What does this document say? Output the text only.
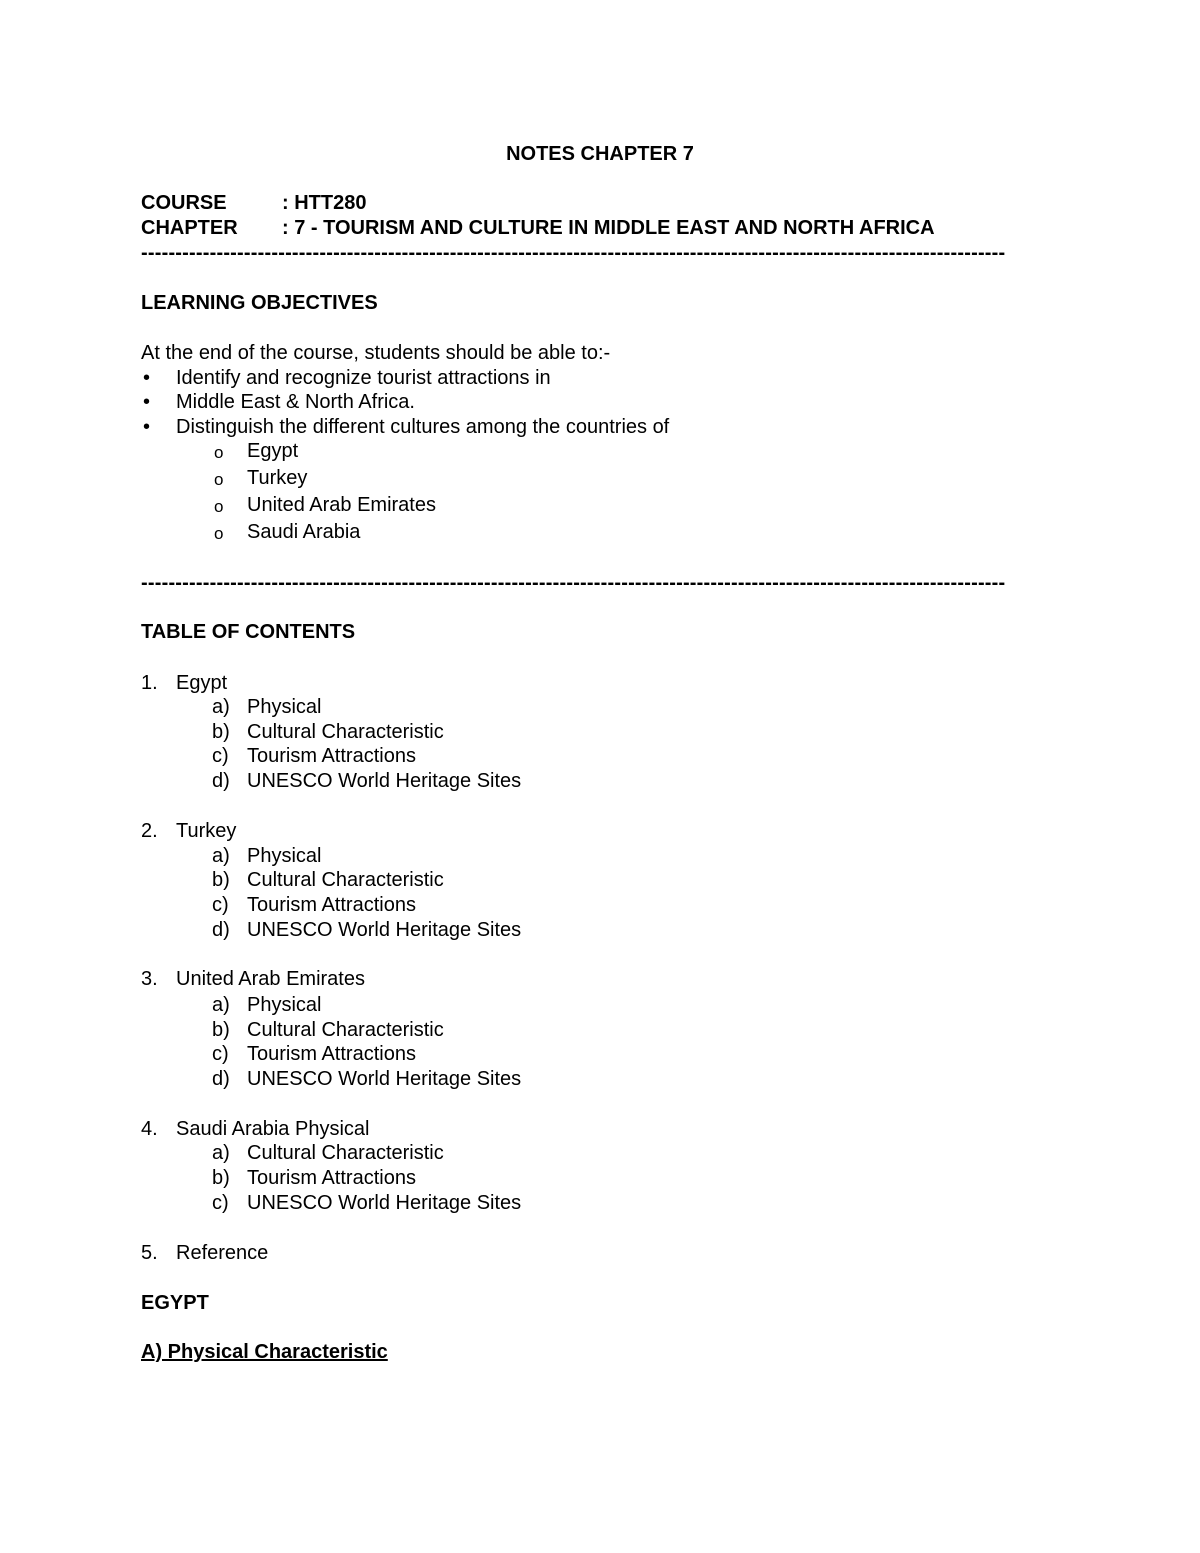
NOTES CHAPTER 7
COURSE	: HTT280
CHAPTER : 7 - TOURISM AND CULTURE IN MIDDLE EAST AND NORTH AFRICA
------------------------------------------------------------------------------------------------------------------------------
LEARNING OBJECTIVES
At the end of the course, students should be able to:-
• Identify and recognize tourist attractions in
• Middle East & North Africa.
• Distinguish the different cultures among the countries of
o Egypt
o Turkey
o United Arab Emirates
o Saudi Arabia
------------------------------------------------------------------------------------------------------------------------------
TABLE OF CONTENTS
1. Egypt
a) Physical
b) Cultural Characteristic
c) Tourism Attractions
d) UNESCO World Heritage Sites
2. Turkey
a) Physical
b) Cultural Characteristic
c) Tourism Attractions
d) UNESCO World Heritage Sites
3. United Arab Emirates
a) Physical
b) Cultural Characteristic
c) Tourism Attractions
d) UNESCO World Heritage Sites
4. Saudi Arabia Physical
a) Cultural Characteristic
b) Tourism Attractions
c) UNESCO World Heritage Sites
5. Reference
EGYPT
A) Physical Characteristic
